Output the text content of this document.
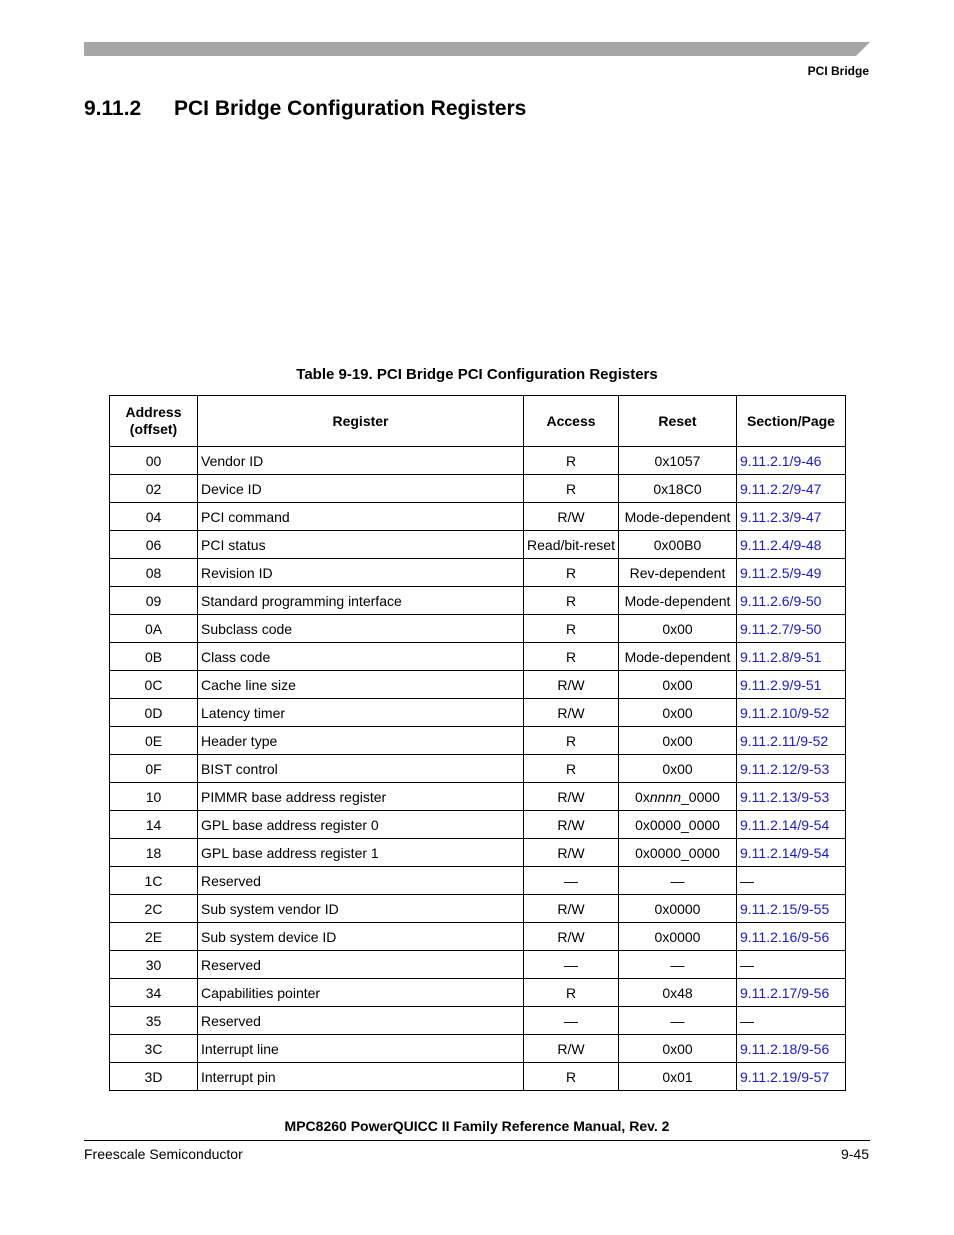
PCI Bridge
9.11.2 PCI Bridge Configuration Registers
Table 9-19. PCI Bridge PCI Configuration Registers
Address (offset)	Register	Access	Reset	Section/Page
00	Vendor ID	R	0x1057	9.11.2.1/9-46
02	Device ID	R	0x18C0	9.11.2.2/9-47
04	PCI command	R/W	Mode-dependent	9.11.2.3/9-47
06	PCI status	Read/bit-reset	0x00B0	9.11.2.4/9-48
08	Revision ID	R	Rev-dependent	9.11.2.5/9-49
09	Standard programming interface	R	Mode-dependent	9.11.2.6/9-50
0A	Subclass code	R	0x00	9.11.2.7/9-50
0B	Class code	R	Mode-dependent	9.11.2.8/9-51
0C	Cache line size	R/W	0x00	9.11.2.9/9-51
0D	Latency timer	R/W	0x00	9.11.2.10/9-52
0E	Header type	R	0x00	9.11.2.11/9-52
0F	BIST control	R	0x00	9.11.2.12/9-53
10	PIMMR base address register	R/W	0xnnnn_0000	9.11.2.13/9-53
14	GPL base address register 0	R/W	0x0000_0000	9.11.2.14/9-54
18	GPL base address register 1	R/W	0x0000_0000	9.11.2.14/9-54
1C	Reserved	—	—	—
2C	Sub system vendor ID	R/W	0x0000	9.11.2.15/9-55
2E	Sub system device ID	R/W	0x0000	9.11.2.16/9-56
30	Reserved	—	—	—
34	Capabilities pointer	R	0x48	9.11.2.17/9-56
35	Reserved	—	—	—
3C	Interrupt line	R/W	0x00	9.11.2.18/9-56
3D	Interrupt pin	R	0x01	9.11.2.19/9-57
MPC8260 PowerQUICC II Family Reference Manual, Rev. 2
Freescale Semiconductor	9-45
